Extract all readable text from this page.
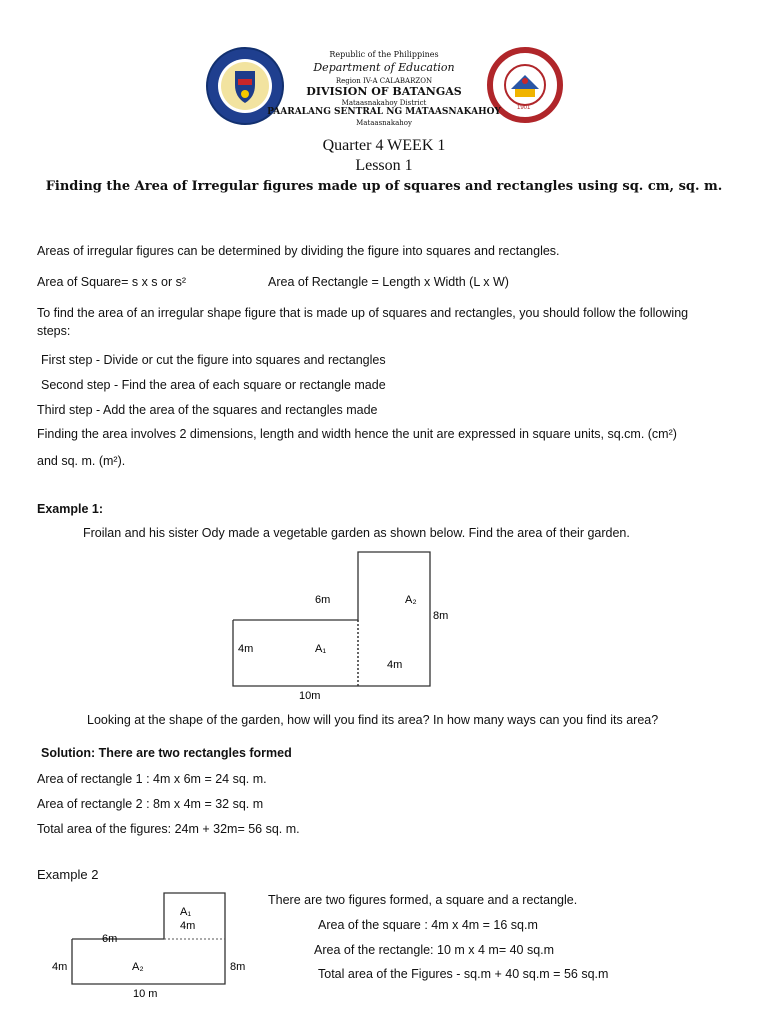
1901
Republic of the Philippines
Department of Education
Region IV-A CALABARZON
DIVISION OF BATANGAS
Mataasnakahoy District
PAARALANG SENTRAL NG MATAASNAKAHOY
Mataasnakahoy
Quarter 4 WEEK 1
Lesson 1
Finding the Area of Irregular figures made up of squares and rectangles using sq. cm, sq. m.
Areas of irregular figures can be determined by dividing the figure into squares and rectangles.
Area of Square= s x s or s²	Area of Rectangle = Length x Width (L x W)
To find the area of an irregular shape figure that is made up of squares and rectangles, you should follow the following
steps:
First step - Divide or cut the figure into squares and rectangles
Second step - Find the area of each square or rectangle made
Third step - Add the area of the squares and rectangles made
Finding the area involves 2 dimensions, length and width hence the unit are expressed in square units, sq.cm. (cm²)
and sq. m. (m²).
Example 1:
Froilan and his sister Ody made a vegetable garden as shown below. Find the area of their garden.
6m	A₂
8m
4m	A₁
4m
10m
Looking at the shape of the garden, how will you find its area? In how many ways can you find its area?
Solution: There are two rectangles formed
Area of rectangle 1 : 4m x 6m = 24 sq. m.
Area of rectangle 2 : 8m x 4m = 32 sq. m
Total area of the figures: 24m + 32m= 56 sq. m.
Example 2
A₁
4m
6m
4m	A₂	8m
10 m
There are two figures formed, a square and a rectangle.
Area of the square : 4m x 4m = 16 sq.m
Area of the rectangle: 10 m x 4 m= 40 sq.m
Total area of the Figures - sq.m + 40 sq.m = 56 sq.m
